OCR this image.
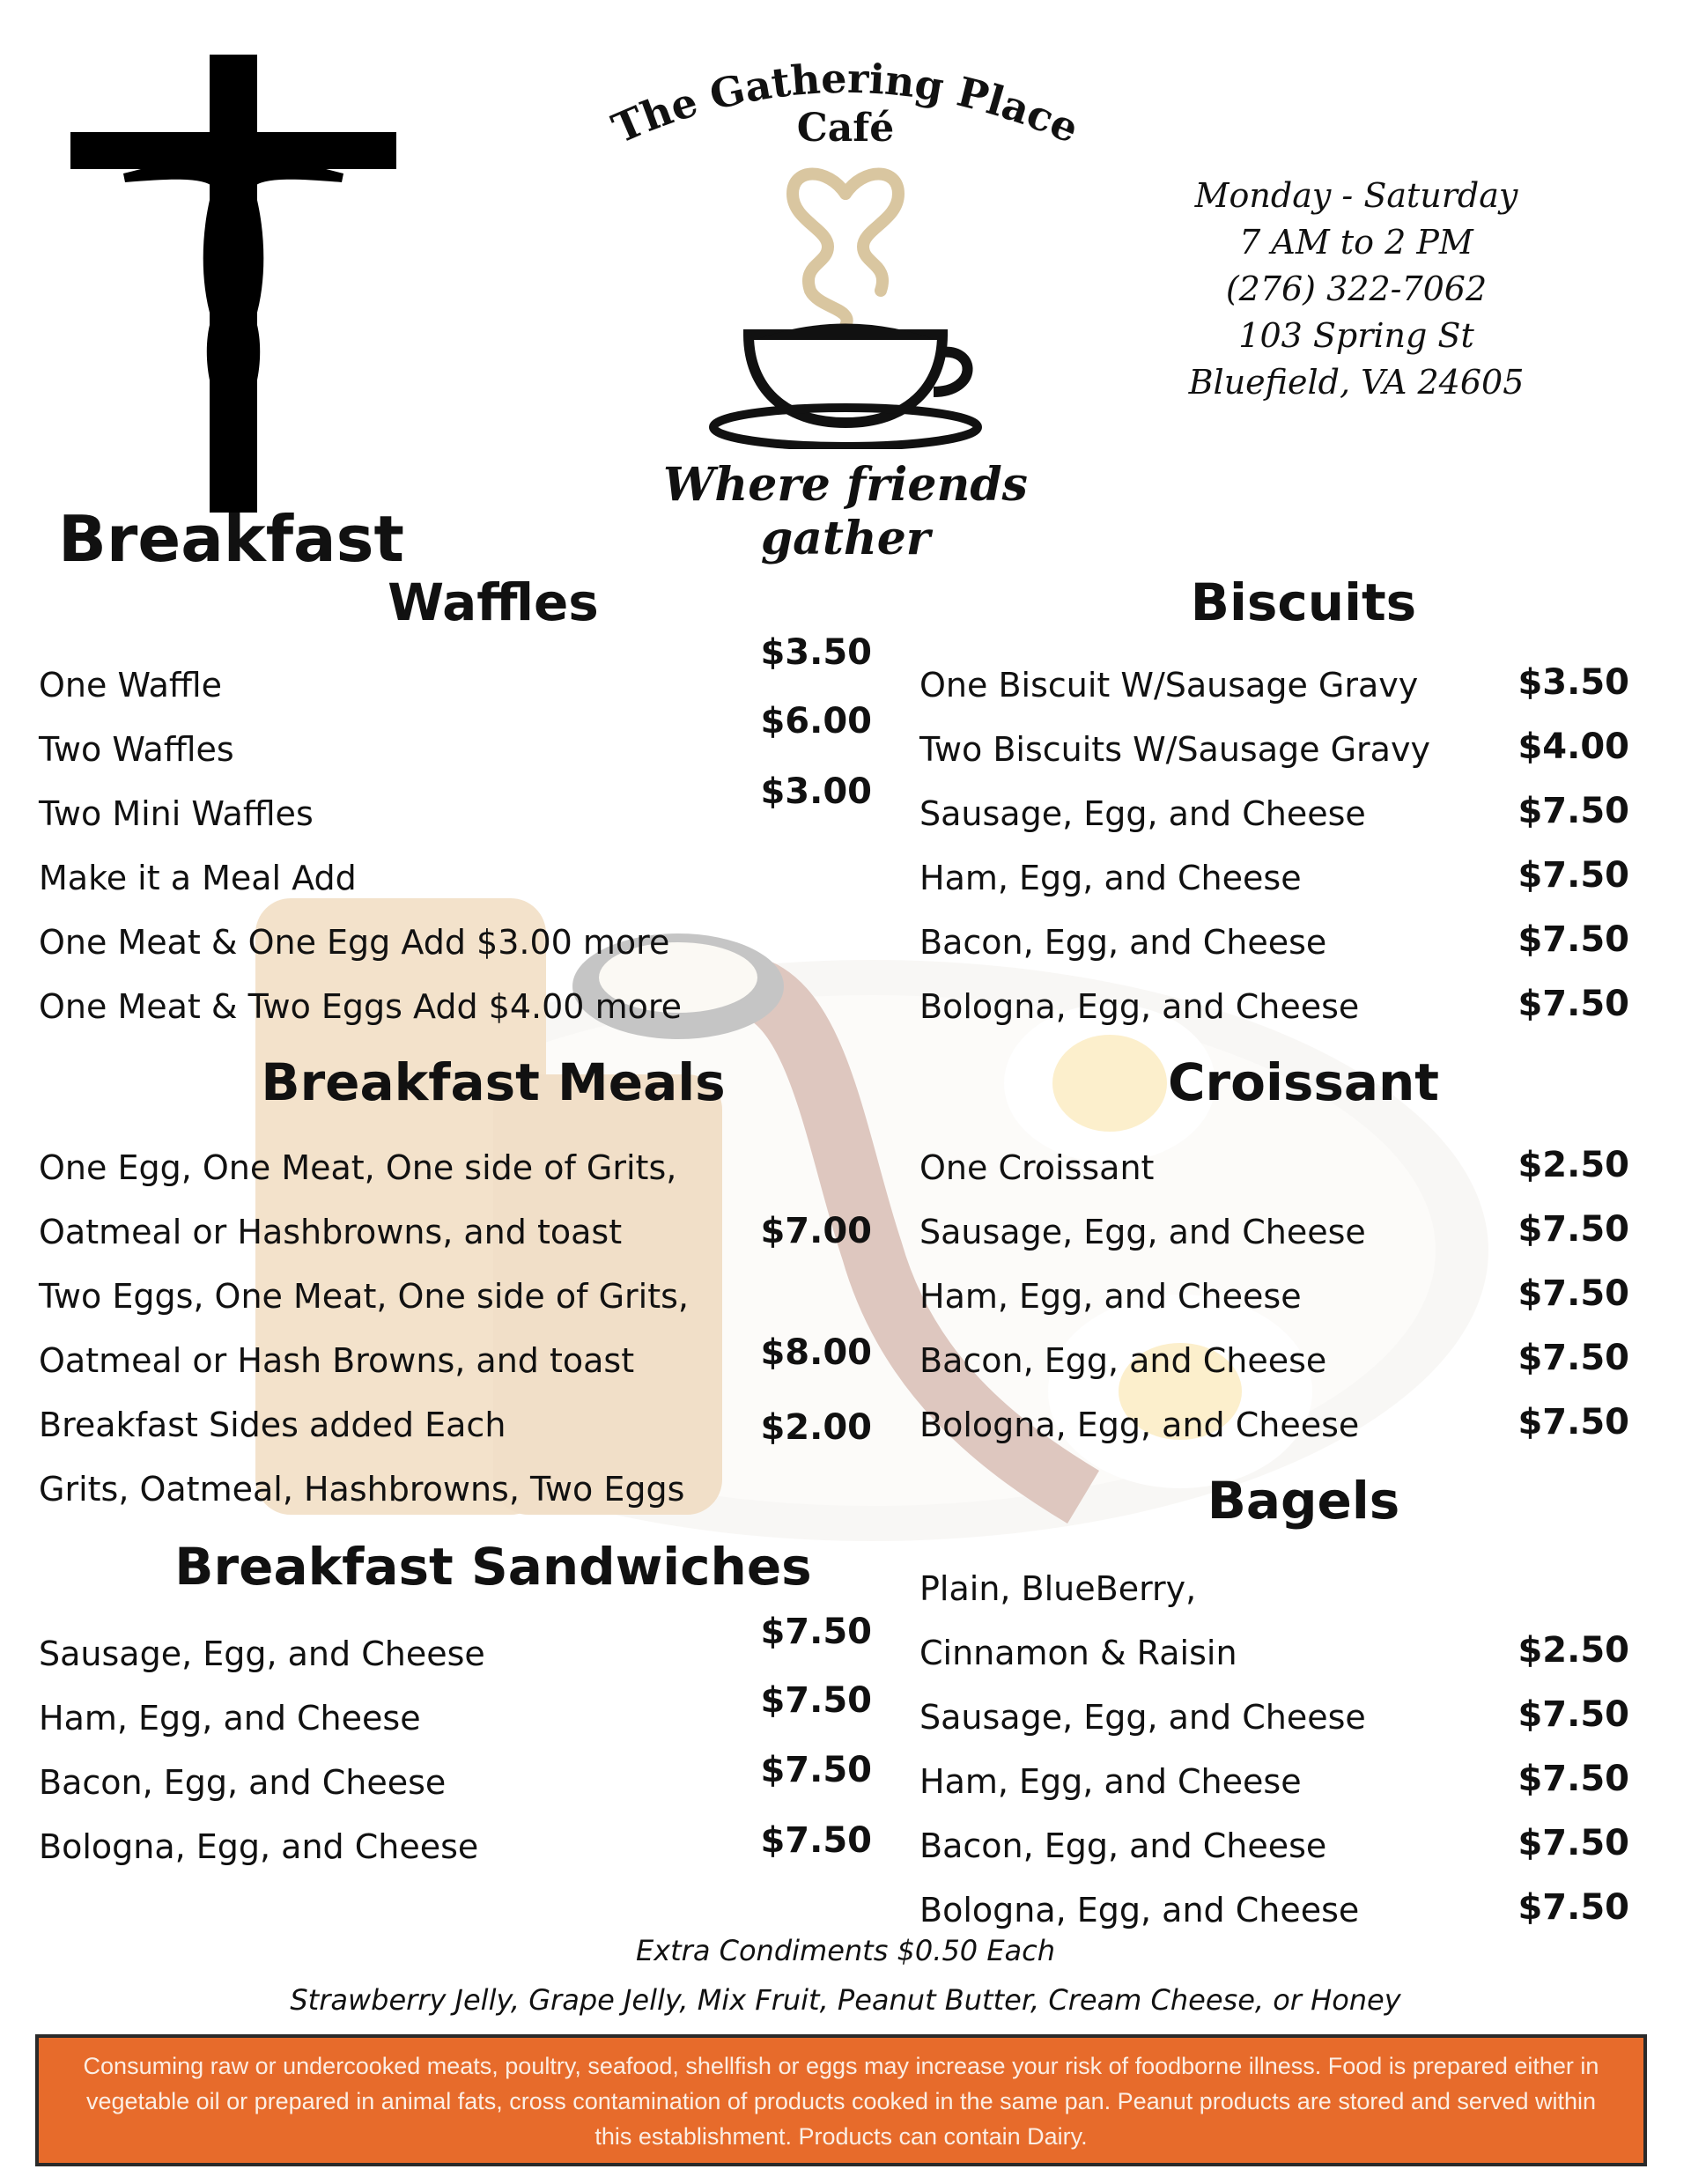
The Gathering Place
Café
Where friends gather
Monday - Saturday
7 AM to 2 PM
(276) 322-7062
103 Spring St
Bluefield, VA 24605
Breakfast
Waffles
One Waffle
$3.50
Two Waffles
$6.00
Two Mini Waffles
$3.00
Make it a Meal Add
One Meat & One Egg Add $3.00 more
One Meat & Two Eggs Add $4.00 more
Breakfast Meals
One Egg, One Meat, One side of Grits,
Oatmeal or Hashbrowns, and toast	$7.00
Two Eggs, One Meat, One side of Grits,
Oatmeal or Hash Browns, and toast	$8.00
Breakfast Sides added Each	$2.00
Grits, Oatmeal, Hashbrowns, Two Eggs
Breakfast Sandwiches
Sausage, Egg, and Cheese
$7.50
Ham, Egg, and Cheese	$7.50
Bacon, Egg, and Cheese	$7.50
Bologna, Egg, and Cheese	$7.50
Biscuits
One Biscuit W/Sausage Gravy	$3.50
Two Biscuits W/Sausage Gravy	$4.00
Sausage, Egg, and Cheese	$7.50
Ham, Egg, and Cheese	$7.50
Bacon, Egg, and Cheese	$7.50
Bologna, Egg, and Cheese	$7.50
Croissant
One Croissant	$2.50
Sausage, Egg, and Cheese	$7.50
Ham, Egg, and Cheese	$7.50
Bacon, Egg, and Cheese	$7.50
Bologna, Egg, and Cheese	$7.50
Bagels
Plain, BlueBerry,
Cinnamon & Raisin	$2.50
Sausage, Egg, and Cheese	$7.50
Ham, Egg, and Cheese	$7.50
Bacon, Egg, and Cheese	$7.50
Bologna, Egg, and Cheese	$7.50
Extra Condiments $0.50 Each
Strawberry Jelly, Grape Jelly, Mix Fruit, Peanut Butter, Cream Cheese, or Honey
Consuming raw or undercooked meats, poultry, seafood, shellfish or eggs may increase your risk of foodborne illness. Food is prepared either in vegetable oil or prepared in animal fats, cross contamination of products cooked in the same pan. Peanut products are stored and served within this establishment. Products can contain Dairy.
